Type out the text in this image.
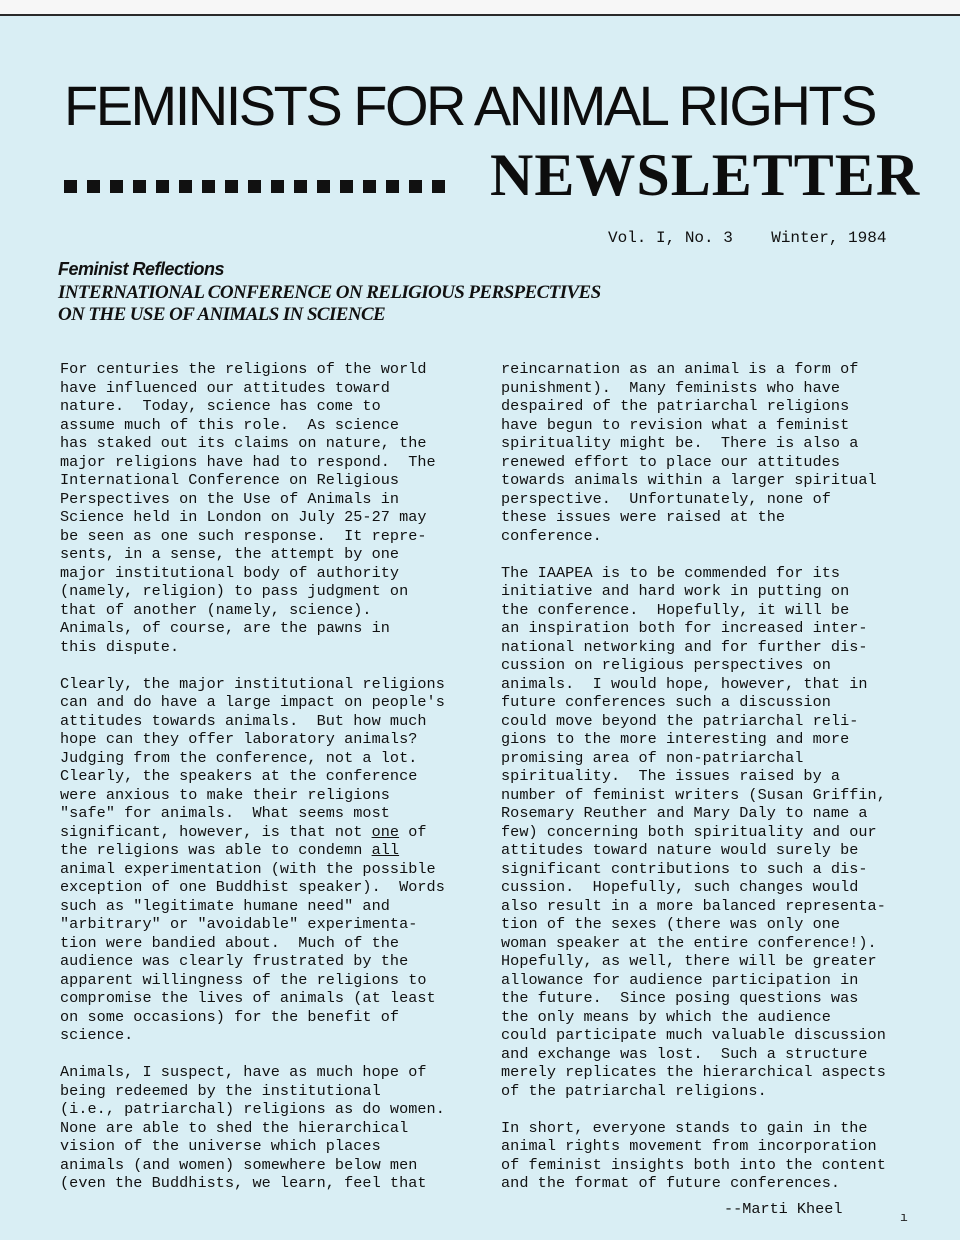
FEMINISTS FOR ANIMAL RIGHTS
NEWSLETTER
Vol. I, No. 3    Winter, 1984
Feminist Reflections
INTERNATIONAL CONFERENCE ON RELIGIOUS PERSPECTIVES
ON THE USE OF ANIMALS IN SCIENCE
For centuries the religions of the world
have influenced our attitudes toward
nature.  Today, science has come to
assume much of this role.  As science
has staked out its claims on nature, the
major religions have had to respond.  The
International Conference on Religious
Perspectives on the Use of Animals in
Science held in London on July 25-27 may
be seen as one such response.  It repre-
sents, in a sense, the attempt by one
major institutional body of authority
(namely, religion) to pass judgment on
that of another (namely, science).
Animals, of course, are the pawns in
this dispute.
Clearly, the major institutional religions
can and do have a large impact on people's
attitudes towards animals.  But how much
hope can they offer laboratory animals?
Judging from the conference, not a lot.
Clearly, the speakers at the conference
were anxious to make their religions
"safe" for animals.  What seems most
significant, however, is that not one of
the religions was able to condemn all
animal experimentation (with the possible
exception of one Buddhist speaker).  Words
such as "legitimate humane need" and
"arbitrary" or "avoidable" experimenta-
tion were bandied about.  Much of the
audience was clearly frustrated by the
apparent willingness of the religions to
compromise the lives of animals (at least
on some occasions) for the benefit of
science.
Animals, I suspect, have as much hope of
being redeemed by the institutional
(i.e., patriarchal) religions as do women.
None are able to shed the hierarchical
vision of the universe which places
animals (and women) somewhere below men
(even the Buddhists, we learn, feel that
reincarnation as an animal is a form of
punishment).  Many feminists who have
despaired of the patriarchal religions
have begun to revision what a feminist
spirituality might be.  There is also a
renewed effort to place our attitudes
towards animals within a larger spiritual
perspective.  Unfortunately, none of
these issues were raised at the
conference.
The IAAPEA is to be commended for its
initiative and hard work in putting on
the conference.  Hopefully, it will be
an inspiration both for increased inter-
national networking and for further dis-
cussion on religious perspectives on
animals.  I would hope, however, that in
future conferences such a discussion
could move beyond the patriarchal reli-
gions to the more interesting and more
promising area of non-patriarchal
spirituality.  The issues raised by a
number of feminist writers (Susan Griffin,
Rosemary Reuther and Mary Daly to name a
few) concerning both spirituality and our
attitudes toward nature would surely be
significant contributions to such a dis-
cussion.  Hopefully, such changes would
also result in a more balanced representa-
tion of the sexes (there was only one
woman speaker at the entire conference!).
Hopefully, as well, there will be greater
allowance for audience participation in
the future.  Since posing questions was
the only means by which the audience
could participate much valuable discussion
and exchange was lost.  Such a structure
merely replicates the hierarchical aspects
of the patriarchal religions.
In short, everyone stands to gain in the
animal rights movement from incorporation
of feminist insights both into the content
and the format of future conferences.
--Marti Kheel	ı
